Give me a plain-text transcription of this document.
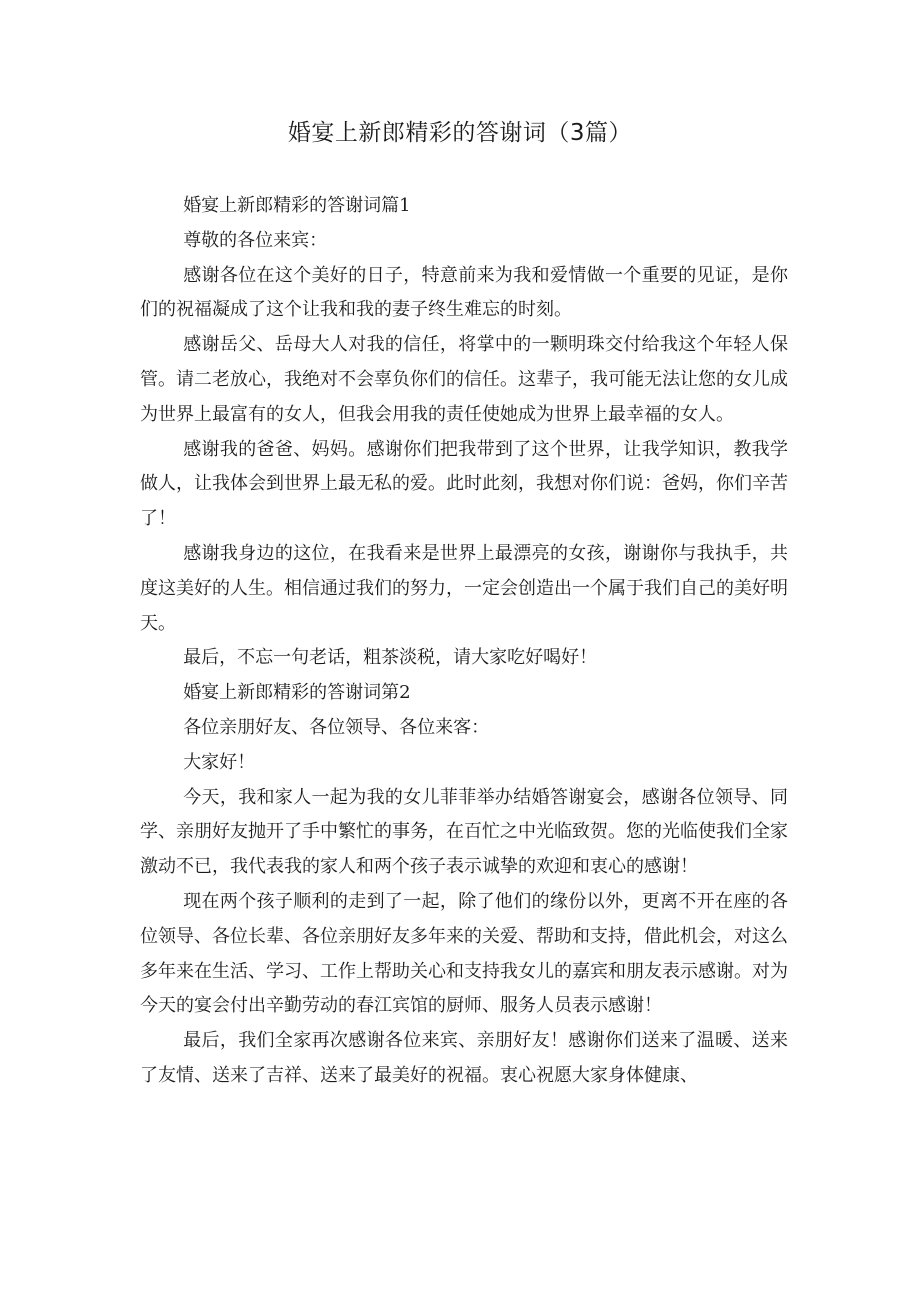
婚宴上新郎精彩的答谢词（3篇）

婚宴上新郎精彩的答谢词篇1

尊敬的各位来宾：

感谢各位在这个美好的日子，特意前来为我和爱情做一个重要的见证，是你们的祝福凝成了这个让我和我的妻子终生难忘的时刻。

感谢岳父、岳母大人对我的信任，将掌中的一颗明珠交付给我这个年轻人保管。请二老放心，我绝对不会辜负你们的信任。这辈子，我可能无法让您的女儿成为世界上最富有的女人，但我会用我的责任使她成为世界上最幸福的女人。

感谢我的爸爸、妈妈。感谢你们把我带到了这个世界，让我学知识，教我学做人，让我体会到世界上最无私的爱。此时此刻，我想对你们说：爸妈，你们辛苦了！

感谢我身边的这位，在我看来是世界上最漂亮的女孩，谢谢你与我执手，共度这美好的人生。相信通过我们的努力，一定会创造出一个属于我们自己的美好明天。

最后，不忘一句老话，粗茶淡税，请大家吃好喝好！

婚宴上新郎精彩的答谢词第2

各位亲朋好友、各位领导、各位来客：

大家好！

今天，我和家人一起为我的女儿菲菲举办结婚答谢宴会，感谢各位领导、同学、亲朋好友抛开了手中繁忙的事务，在百忙之中光临致贺。您的光临使我们全家激动不已，我代表我的家人和两个孩子表示诚挚的欢迎和衷心的感谢！

现在两个孩子顺利的走到了一起，除了他们的缘份以外，更离不开在座的各位领导、各位长辈、各位亲朋好友多年来的关爱、帮助和支持，借此机会，对这么多年来在生活、学习、工作上帮助关心和支持我女儿的嘉宾和朋友表示感谢。对为今天的宴会付出辛勤劳动的春江宾馆的厨师、服务人员表示感谢！

最后，我们全家再次感谢各位来宾、亲朋好友！感谢你们送来了温暖、送来了友情、送来了吉祥、送来了最美好的祝福。衷心祝愿大家身体健康、
